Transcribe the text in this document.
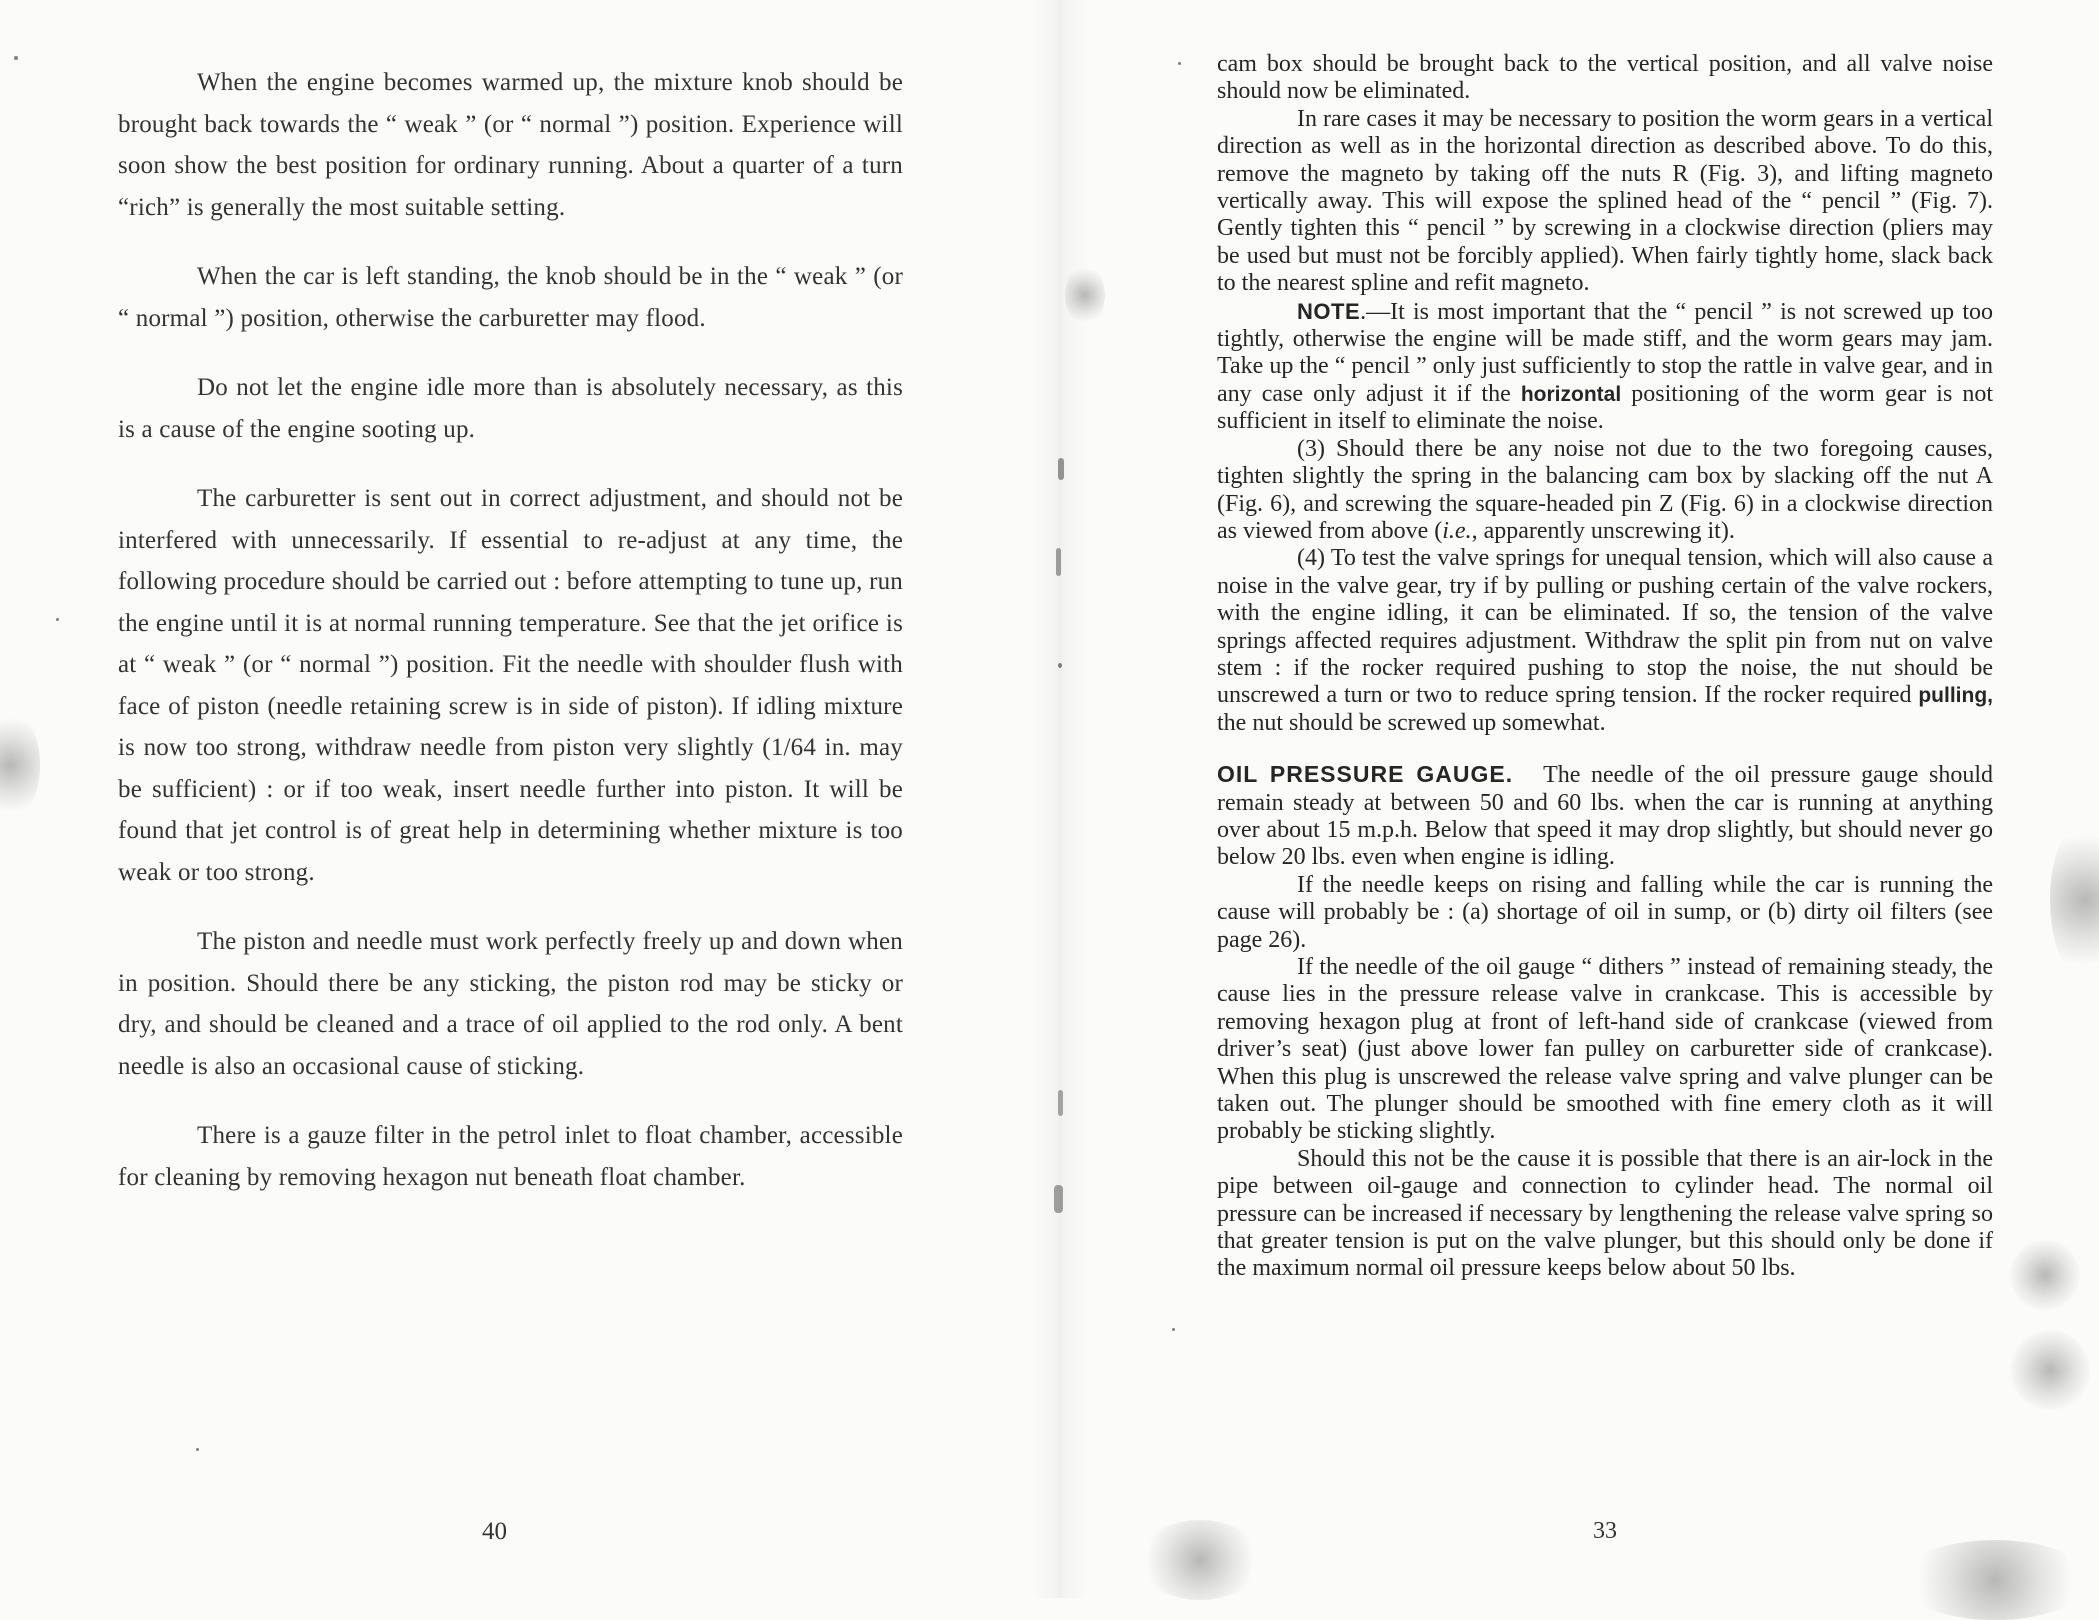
When the engine becomes warmed up, the mixture knob should be brought back towards the “ weak ” (or “ normal ”) position. Experience will soon show the best position for ordinary running. About a quarter of a turn “rich” is generally the most suitable setting.

When the car is left standing, the knob should be in the “ weak ” (or “ normal ”) position, otherwise the carburetter may flood.

Do not let the engine idle more than is absolutely necessary, as this is a cause of the engine sooting up.

The carburetter is sent out in correct adjustment, and should not be interfered with unnecessarily. If essential to re-adjust at any time, the following procedure should be carried out : before attempting to tune up, run the engine until it is at normal running temperature. See that the jet orifice is at “ weak ” (or “ normal ”) position. Fit the needle with shoulder flush with face of piston (needle retaining screw is in side of piston). If idling mixture is now too strong, withdraw needle from piston very slightly (1/64 in. may be sufficient) : or if too weak, insert needle further into piston. It will be found that jet control is of great help in determining whether mixture is too weak or too strong.

The piston and needle must work perfectly freely up and down when in position. Should there be any sticking, the piston rod may be sticky or dry, and should be cleaned and a trace of oil applied to the rod only. A bent needle is also an occasional cause of sticking.

There is a gauze filter in the petrol inlet to float chamber, accessible for cleaning by removing hexagon nut beneath float chamber.

40

cam box should be brought back to the vertical position, and all valve noise should now be eliminated.

In rare cases it may be necessary to position the worm gears in a vertical direction as well as in the horizontal direction as described above. To do this, remove the magneto by taking off the nuts R (Fig. 3), and lifting magneto vertically away. This will expose the splined head of the “ pencil ” (Fig. 7). Gently tighten this “ pencil ” by screwing in a clockwise direction (pliers may be used but must not be forcibly applied). When fairly tightly home, slack back to the nearest spline and refit magneto.

NOTE.—It is most important that the “ pencil ” is not screwed up too tightly, otherwise the engine will be made stiff, and the worm gears may jam. Take up the “ pencil ” only just sufficiently to stop the rattle in valve gear, and in any case only adjust it if the horizontal positioning of the worm gear is not sufficient in itself to eliminate the noise.

(3) Should there be any noise not due to the two foregoing causes, tighten slightly the spring in the balancing cam box by slacking off the nut A (Fig. 6), and screwing the square-headed pin Z (Fig. 6) in a clockwise direction as viewed from above (i.e., apparently unscrewing it).

(4) To test the valve springs for unequal tension, which will also cause a noise in the valve gear, try if by pulling or pushing certain of the valve rockers, with the engine idling, it can be eliminated. If so, the tension of the valve springs affected requires adjustment. Withdraw the split pin from nut on valve stem : if the rocker required pushing to stop the noise, the nut should be unscrewed a turn or two to reduce spring tension. If the rocker required pulling, the nut should be screwed up somewhat.

OIL PRESSURE GAUGE. The needle of the oil pressure gauge should remain steady at between 50 and 60 lbs. when the car is running at anything over about 15 m.p.h. Below that speed it may drop slightly, but should never go below 20 lbs. even when engine is idling.

If the needle keeps on rising and falling while the car is running the cause will probably be : (a) shortage of oil in sump, or (b) dirty oil filters (see page 26).

If the needle of the oil gauge “ dithers ” instead of remaining steady, the cause lies in the pressure release valve in crankcase. This is accessible by removing hexagon plug at front of left-hand side of crankcase (viewed from driver’s seat) (just above lower fan pulley on carburetter side of crankcase). When this plug is unscrewed the release valve spring and valve plunger can be taken out. The plunger should be smoothed with fine emery cloth as it will probably be sticking slightly.

Should this not be the cause it is possible that there is an air-lock in the pipe between oil-gauge and connection to cylinder head. The normal oil pressure can be increased if necessary by lengthening the release valve spring so that greater tension is put on the valve plunger, but this should only be done if the maximum normal oil pressure keeps below about 50 lbs.

33
